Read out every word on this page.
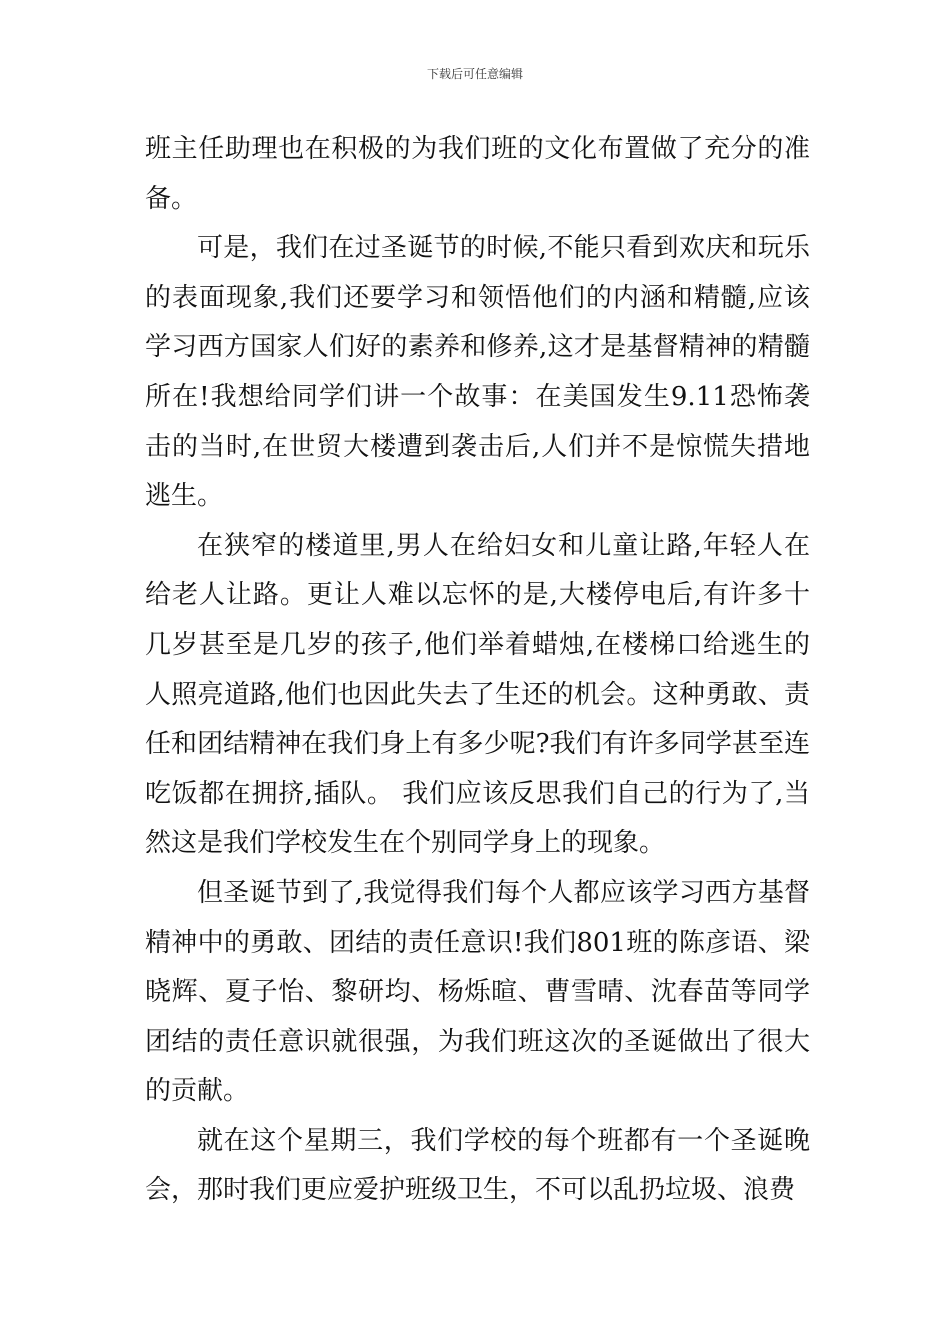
下载后可任意编辑

班主任助理也在积极的为我们班的文化布置做了充分的准备。

可是，我们在过圣诞节的时候,不能只看到欢庆和玩乐的表面现象,我们还要学习和领悟他们的内涵和精髓,应该学习西方国家人们好的素养和修养,这才是基督精神的精髓所在!我想给同学们讲一个故事：在美国发生9.11恐怖袭击的当时,在世贸大楼遭到袭击后,人们并不是惊慌失措地逃生。

在狭窄的楼道里,男人在给妇女和儿童让路,年轻人在给老人让路。更让人难以忘怀的是,大楼停电后,有许多十几岁甚至是几岁的孩子,他们举着蜡烛,在楼梯口给逃生的人照亮道路,他们也因此失去了生还的机会。这种勇敢、责任和团结精神在我们身上有多少呢?我们有许多同学甚至连吃饭都在拥挤,插队。 我们应该反思我们自己的行为了,当然这是我们学校发生在个别同学身上的现象。

但圣诞节到了,我觉得我们每个人都应该学习西方基督精神中的勇敢、团结的责任意识!我们801班的陈彦语、梁晓辉、夏子怡、黎研均、杨烁暄、曹雪晴、沈春苗等同学团结的责任意识就很强，为我们班这次的圣诞做出了很大的贡献。

就在这个星期三，我们学校的每个班都有一个圣诞晚会，那时我们更应爱护班级卫生，不可以乱扔垃圾、浪费
